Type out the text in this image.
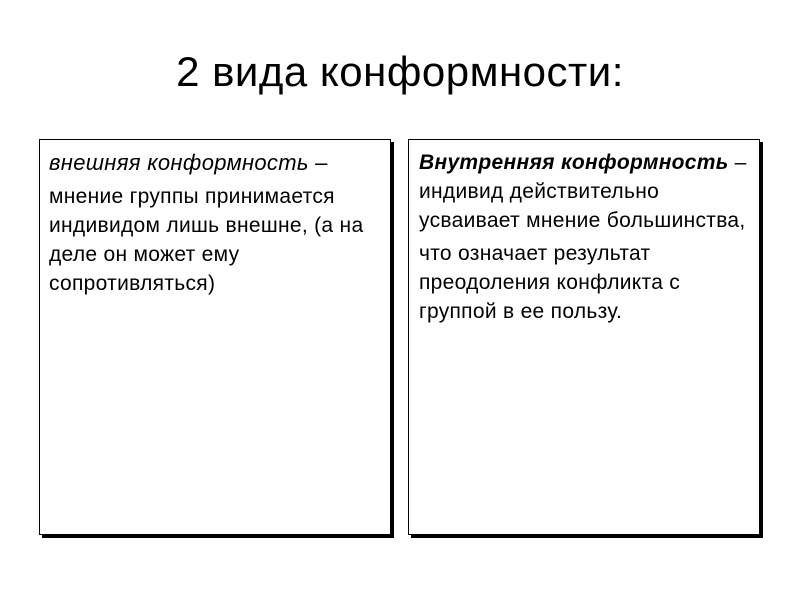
2 вида конформности:

внешняя конформность –

мнение группы принимается индивидом лишь внешне, (а на деле он может ему сопротивляться)

Внутренняя конформность – индивид действительно усваивает мнение большинства,

что означает результат преодоления конфликта с группой в ее пользу.
